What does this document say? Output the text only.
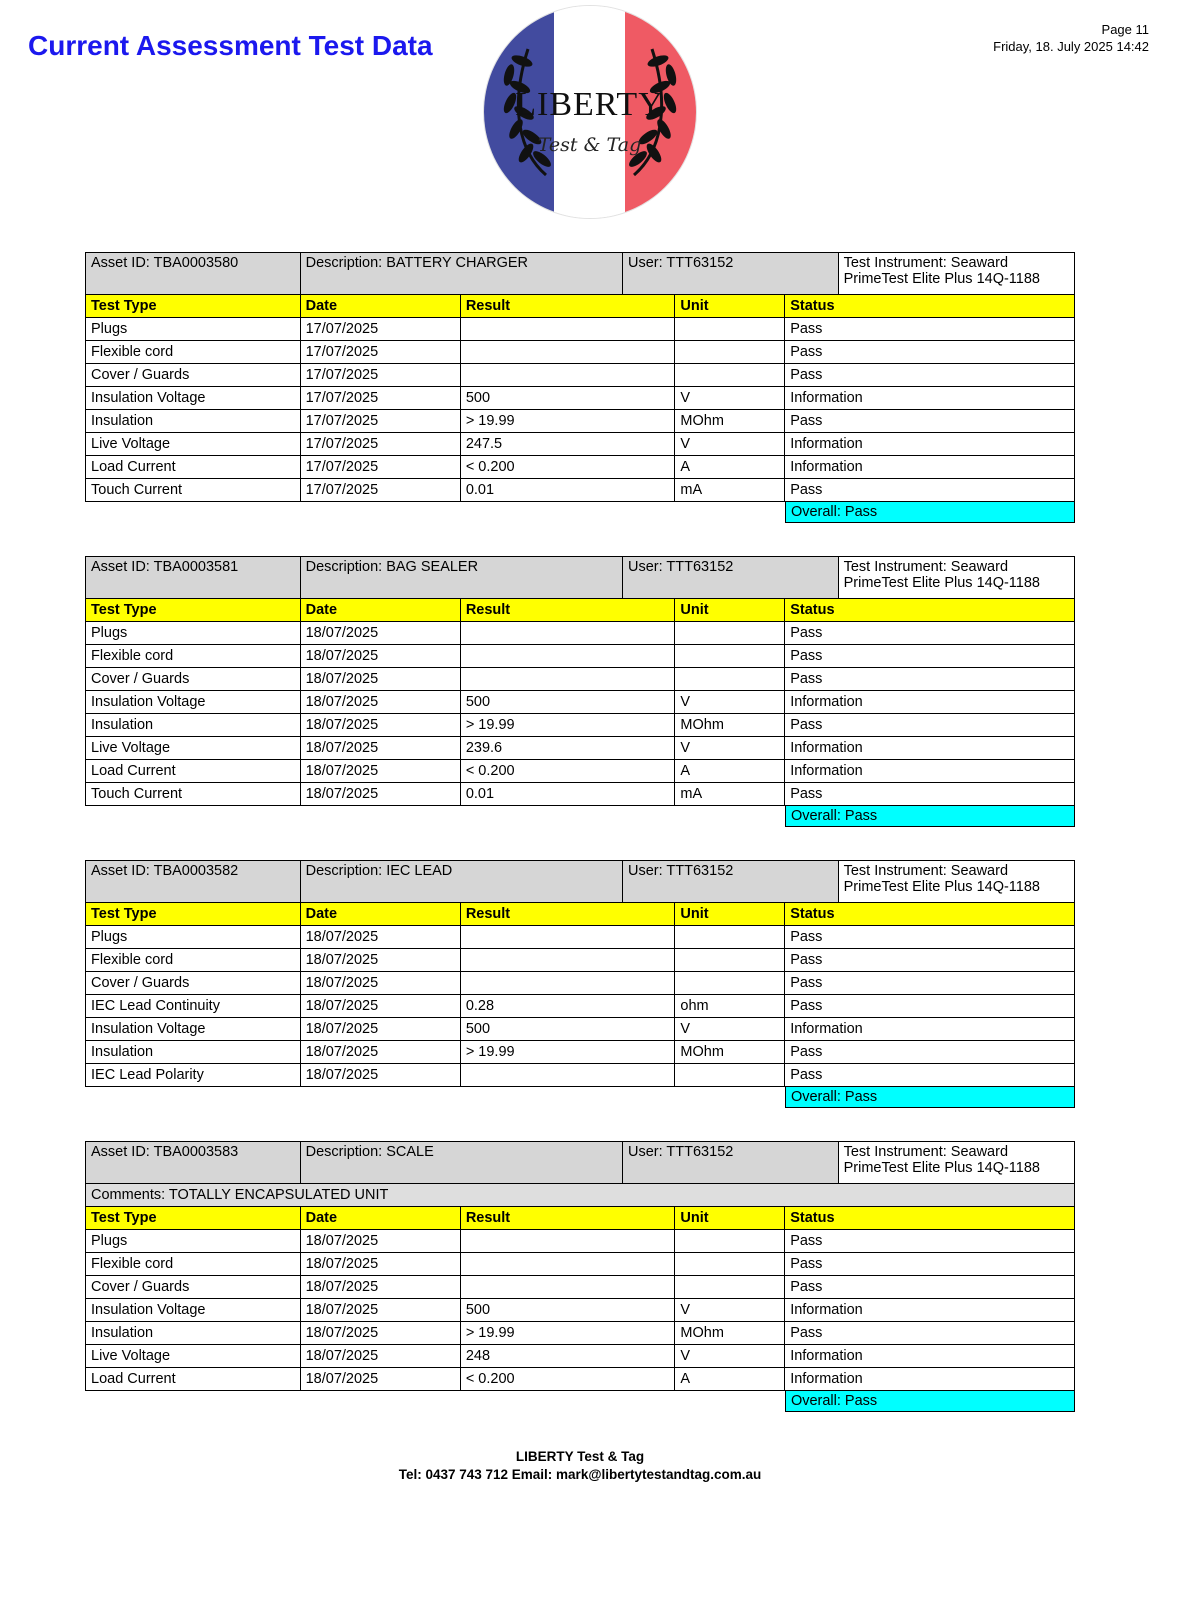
Current Assessment Test Data
LIBERTY
Test & Tag
Page 11
Friday, 18. July 2025 14:42
Asset ID: TBA0003580	Description: BATTERY CHARGER	User: TTT63152	Test Instrument: Seaward PrimeTest Elite Plus 14Q-1188
Test Type	Date	Result	Unit	Status
Plugs	17/07/2025			Pass
Flexible cord	17/07/2025			Pass
Cover / Guards	17/07/2025			Pass
Insulation Voltage	17/07/2025	500	V	Information
Insulation	17/07/2025	> 19.99	MOhm	Pass
Live Voltage	17/07/2025	247.5	V	Information
Load Current	17/07/2025	< 0.200	A	Information
Touch Current	17/07/2025	0.01	mA	Pass
Overall: Pass
Asset ID: TBA0003581	Description: BAG SEALER	User: TTT63152	Test Instrument: Seaward PrimeTest Elite Plus 14Q-1188
Test Type	Date	Result	Unit	Status
Plugs	18/07/2025			Pass
Flexible cord	18/07/2025			Pass
Cover / Guards	18/07/2025			Pass
Insulation Voltage	18/07/2025	500	V	Information
Insulation	18/07/2025	> 19.99	MOhm	Pass
Live Voltage	18/07/2025	239.6	V	Information
Load Current	18/07/2025	< 0.200	A	Information
Touch Current	18/07/2025	0.01	mA	Pass
Overall: Pass
Asset ID: TBA0003582	Description: IEC LEAD	User: TTT63152	Test Instrument: Seaward PrimeTest Elite Plus 14Q-1188
Test Type	Date	Result	Unit	Status
Plugs	18/07/2025			Pass
Flexible cord	18/07/2025			Pass
Cover / Guards	18/07/2025			Pass
IEC Lead Continuity	18/07/2025	0.28	ohm	Pass
Insulation Voltage	18/07/2025	500	V	Information
Insulation	18/07/2025	> 19.99	MOhm	Pass
IEC Lead Polarity	18/07/2025			Pass
Overall: Pass
Asset ID: TBA0003583	Description: SCALE	User: TTT63152	Test Instrument: Seaward PrimeTest Elite Plus 14Q-1188
Comments: TOTALLY ENCAPSULATED UNIT
Test Type	Date	Result	Unit	Status
Plugs	18/07/2025			Pass
Flexible cord	18/07/2025			Pass
Cover / Guards	18/07/2025			Pass
Insulation Voltage	18/07/2025	500	V	Information
Insulation	18/07/2025	> 19.99	MOhm	Pass
Live Voltage	18/07/2025	248	V	Information
Load Current	18/07/2025	< 0.200	A	Information
Overall: Pass
LIBERTY Test & Tag
Tel: 0437 743 712 Email: mark@libertytestandtag.com.au
